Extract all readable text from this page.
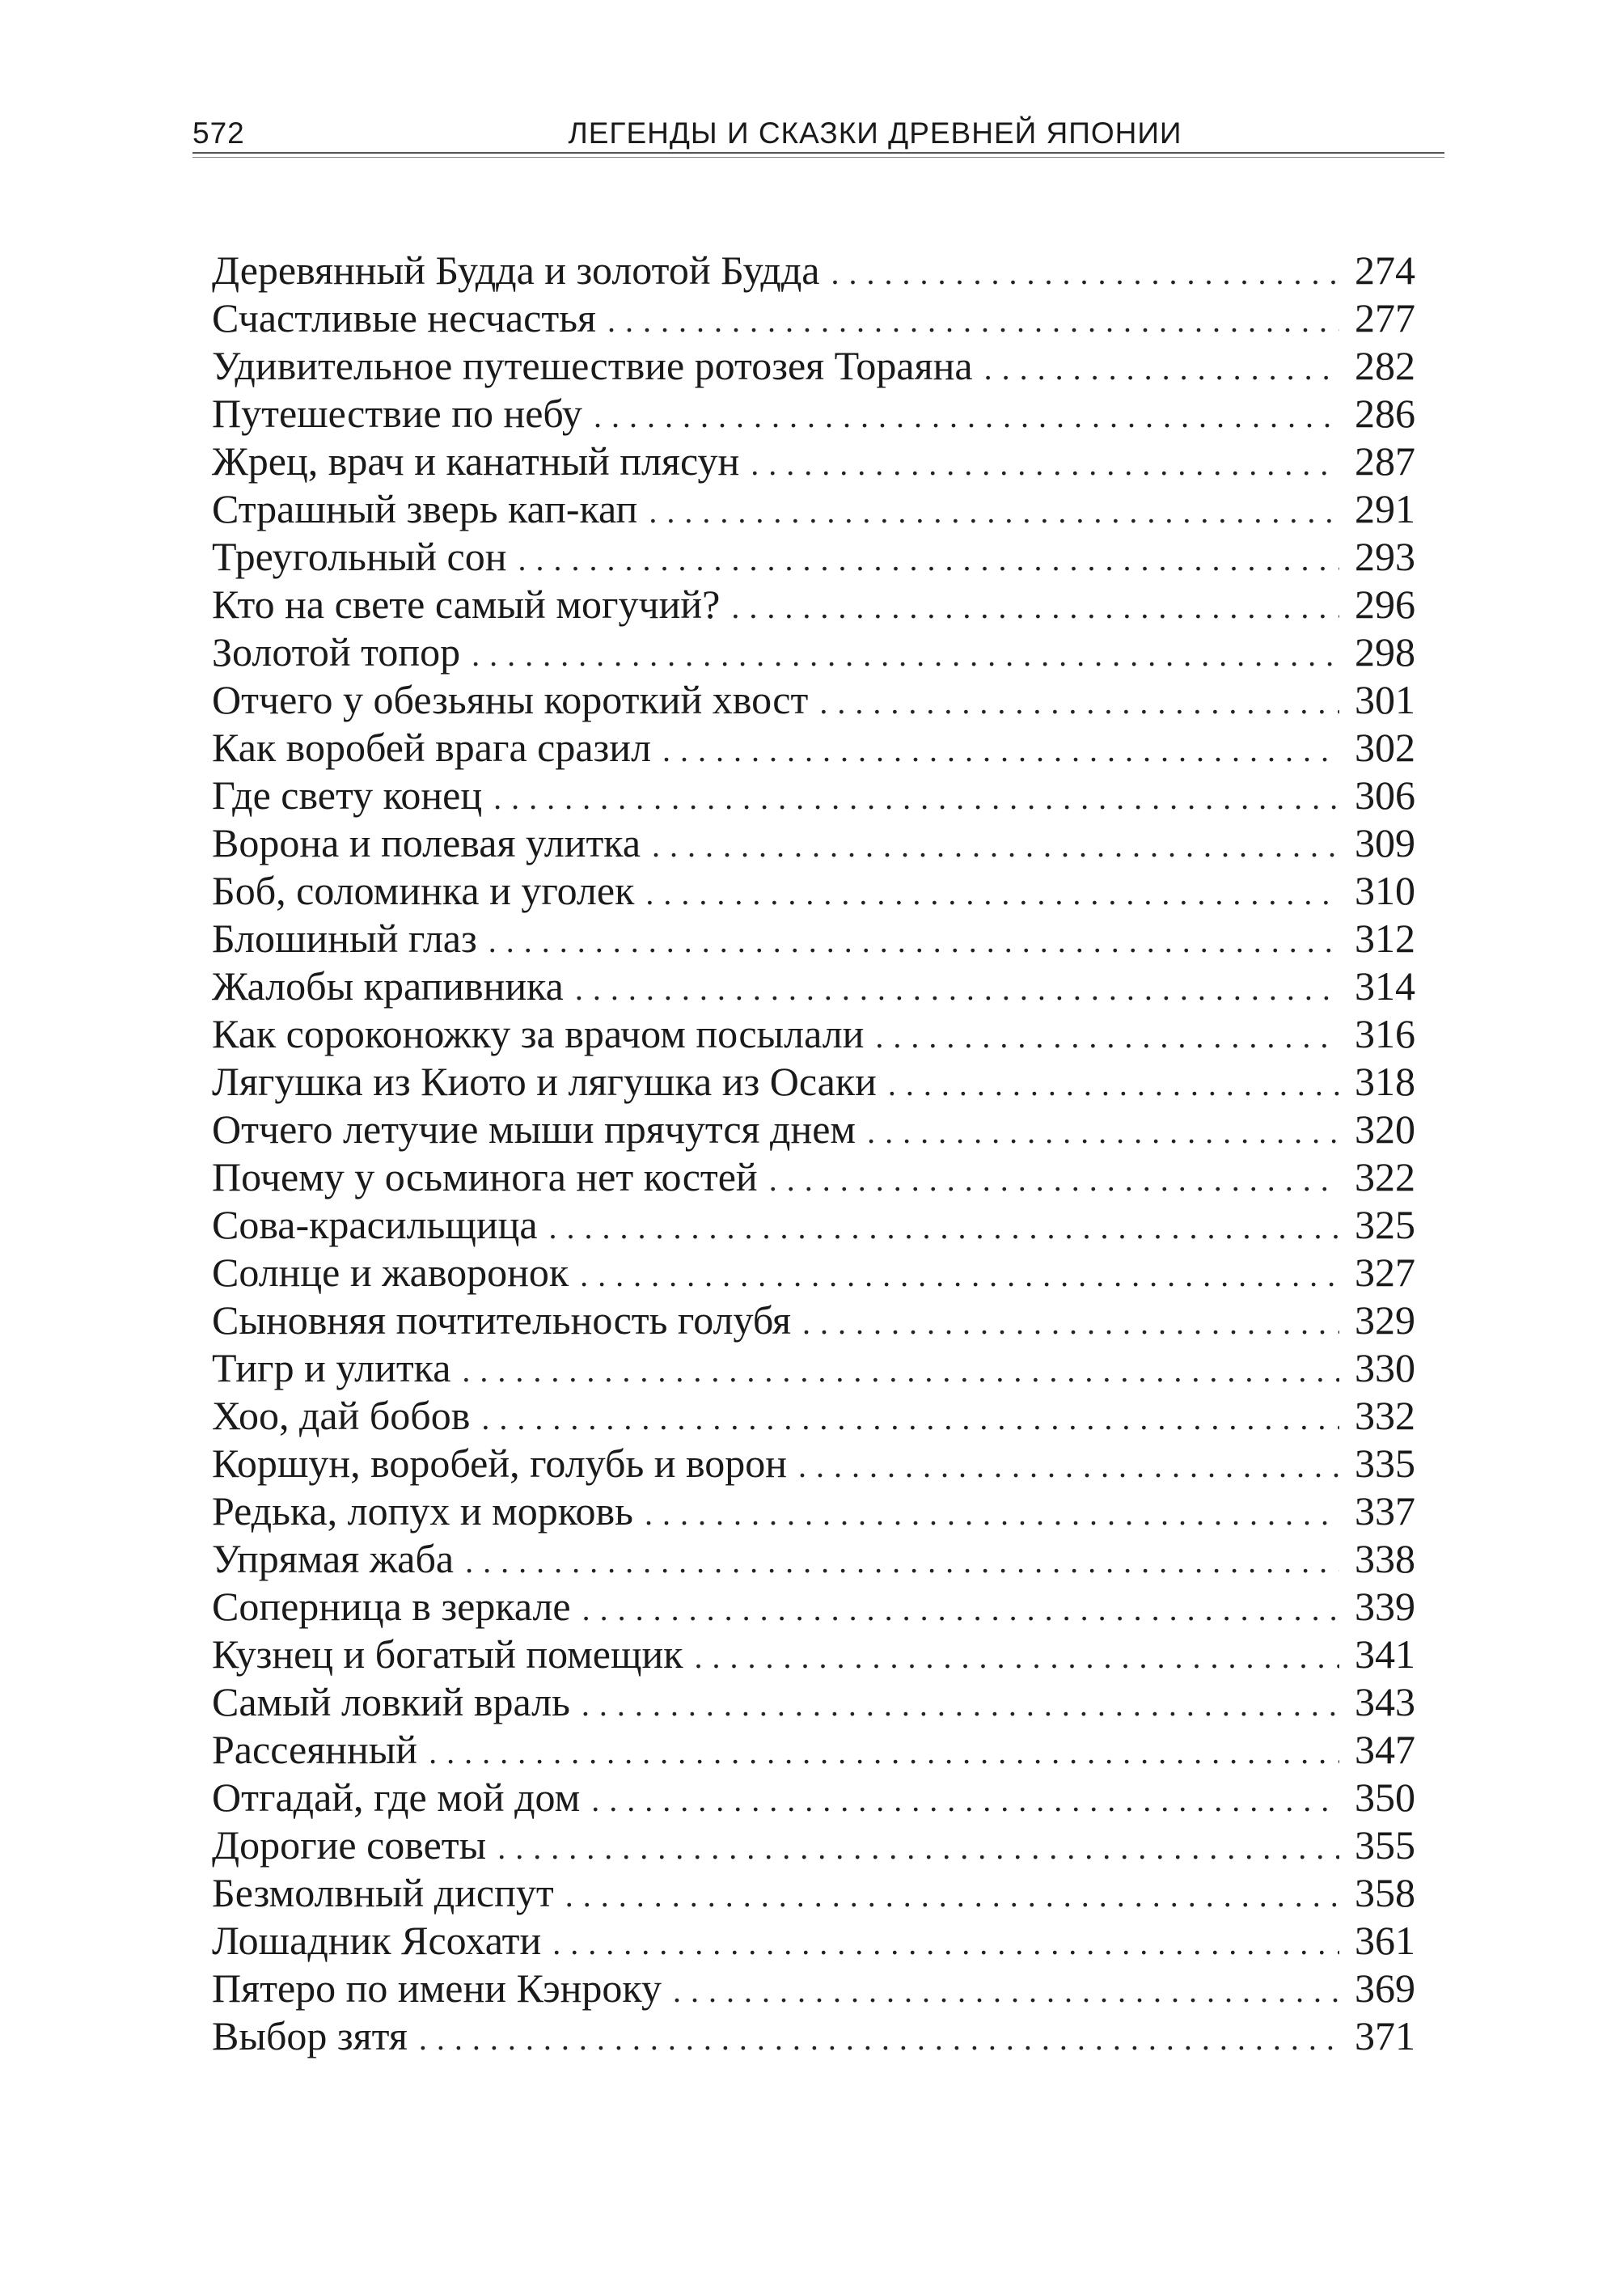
572	ЛЕГЕНДЫ И СКАЗКИ ДРЕВНЕЙ ЯПОНИИ
Деревянный Будда и золотой Будда . . .	274
Счастливые несчастья . . .	277
Удивительное путешествие ротозея Тораяна . . .	282
Путешествие по небу . . .	286
Жрец, врач и канатный плясун . . .	287
Страшный зверь кап-кап . . .	291
Треугольный сон . . .	293
Кто на свете самый могучий? . . .	296
Золотой топор . . .	298
Отчего у обезьяны короткий хвост . . .	301
Как воробей врага сразил . . .	302
Где свету конец . . .	306
Ворона и полевая улитка . . .	309
Боб, соломинка и уголек . . .	310
Блошиный глаз . . .	312
Жалобы крапивника . . .	314
Как сороконожку за врачом посылали . . .	316
Лягушка из Киото и лягушка из Осаки . . .	318
Отчего летучие мыши прячутся днем . . .	320
Почему у осьминога нет костей . . .	322
Сова-красильщица . . .	325
Солнце и жаворонок . . .	327
Сыновняя почтительность голубя . . .	329
Тигр и улитка . . .	330
Хоо, дай бобов . . .	332
Коршун, воробей, голубь и ворон . . .	335
Редька, лопух и морковь . . .	337
Упрямая жаба . . .	338
Соперница в зеркале . . .	339
Кузнец и богатый помещик . . .	341
Самый ловкий враль . . .	343
Рассеянный . . .	347
Отгадай, где мой дом . . .	350
Дорогие советы . . .	355
Безмолвный диспут . . .	358
Лошадник Ясохати . . .	361
Пятеро по имени Кэнроку . . .	369
Выбор зятя . . .	371
